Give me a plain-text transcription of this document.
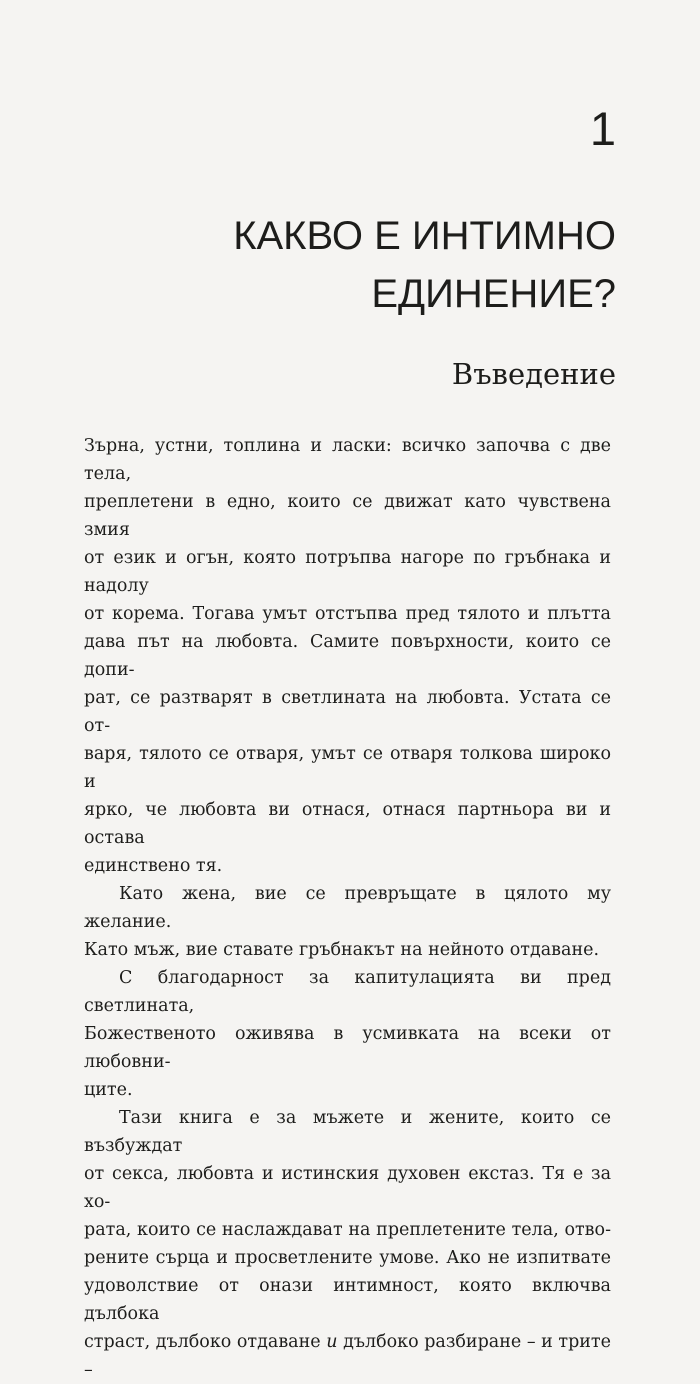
1
КАКВО Е ИНТИМНО
ЕДИНЕНИЕ?
Въведение
Зърна, устни, топлина и ласки: всичко започва с две тела,
преплетени в едно, които се движат като чувствена змия
от език и огън, която потръпва нагоре по гръбнака и надолу
от корема. Тогава умът отстъпва пред тялото и плътта
дава път на любовта. Самите повърхности, които се допи-
рат, се разтварят в светлината на любовта. Устата се от-
варя, тялото се отваря, умът се отваря толкова широко и
ярко, че любовта ви отнася, отнася партньора ви и остава
единствено тя.
Като жена, вие се превръщате в цялото му желание.
Като мъж, вие ставате гръбнакът на нейното отдаване.
С благодарност за капитулацията ви пред светлината,
Божественото оживява в усмивката на всеки от любовни-
ците.
Тази книга е за мъжете и жените, които се възбуждат
от секса, любовта и истинския духовен екстаз. Тя е за хо-
рата, които се наслаждават на преплетените тела, отво-
рените сърца и просветлените умове. Ако не изпитвате
удоволствие от онази интимност, която включва дълбока
страст, дълбоко отдаване и дълбоко разбиране – и трите –
